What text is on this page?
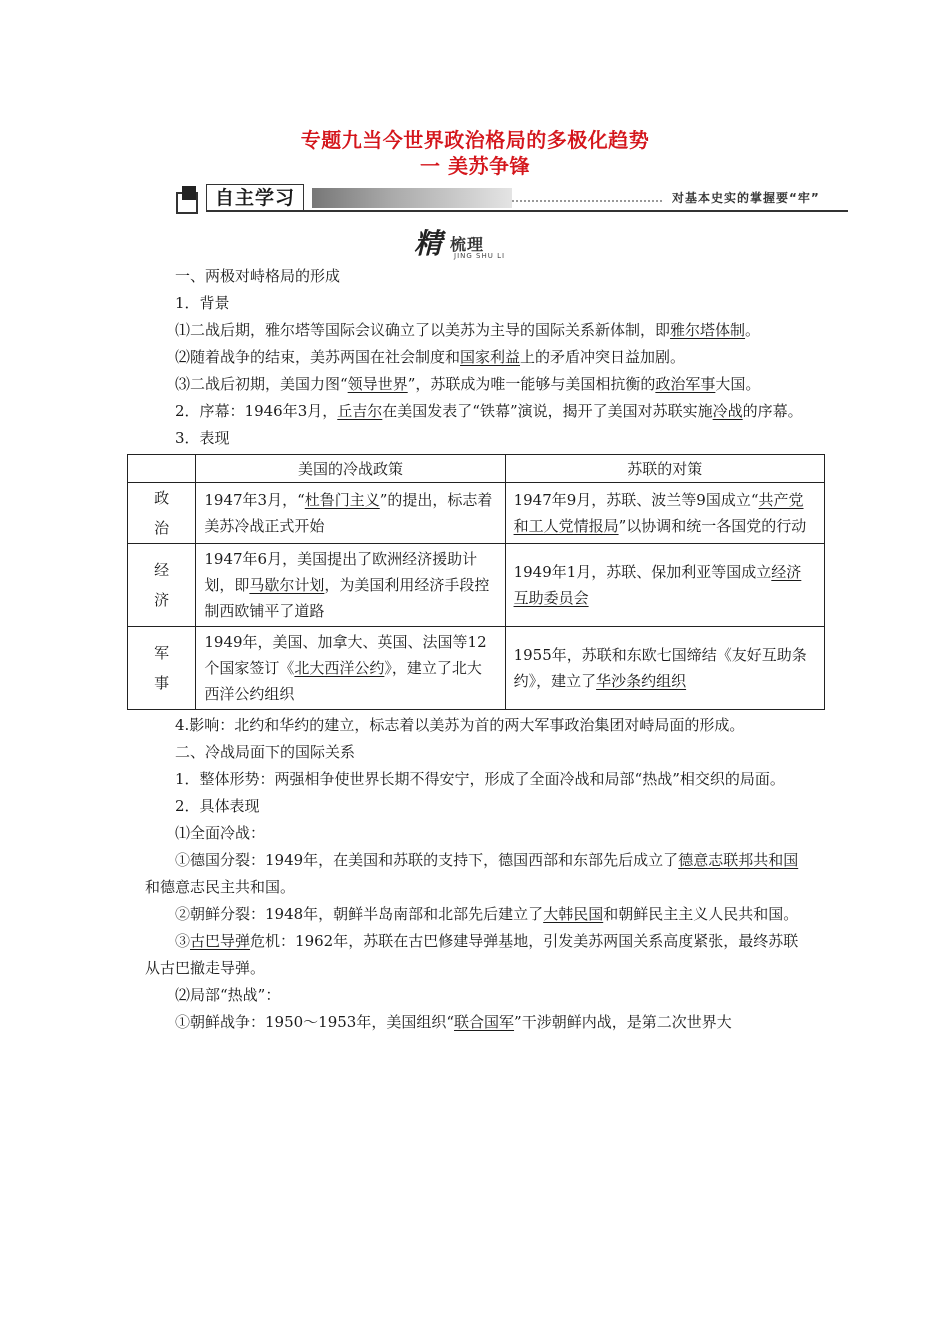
专题九当今世界政治格局的多极化趋势
一 美苏争锋
自主学习	对基本史实的掌握要“牢”
精 梳理
JING SHU LI

一、两极对峙格局的形成

1．背景

⑴二战后期，雅尔塔等国际会议确立了以美苏为主导的国际关系新体制，即雅尔塔体制。

⑵随着战争的结束，美苏两国在社会制度和国家利益上的矛盾冲突日益加剧。

⑶二战后初期，美国力图“领导世界”，苏联成为唯一能够与美国相抗衡的政治军事大国。

2．序幕：1946年3月，丘吉尔在美国发表了“铁幕”演说，揭开了美国对苏联实施冷战的序幕。

3．表现

	美国的冷战政策	苏联的对策
政
治	1947年3月，“杜鲁门主义”的提出，标志着美苏冷战正式开始	1947年9月，苏联、波兰等9国成立“共产党和工人党情报局”以协调和统一各国党的行动
经
济	1947年6月，美国提出了欧洲经济援助计划，即马歇尔计划，为美国利用经济手段控制西欧铺平了道路	1949年1月，苏联、保加利亚等国成立经济互助委员会
军
事	1949年，美国、加拿大、英国、法国等12个国家签订《北大西洋公约》，建立了北大西洋公约组织	1955年，苏联和东欧七国缔结《友好互助条约》，建立了华沙条约组织

4.影响：北约和华约的建立，标志着以美苏为首的两大军事政治集团对峙局面的形成。

二、冷战局面下的国际关系

1．整体形势：两强相争使世界长期不得安宁，形成了全面冷战和局部“热战”相交织的局面。

2．具体表现

⑴全面冷战：

①德国分裂：1949年，在美国和苏联的支持下，德国西部和东部先后成立了德意志联邦共和国和德意志民主共和国。

②朝鲜分裂：1948年，朝鲜半岛南部和北部先后建立了大韩民国和朝鲜民主主义人民共和国。

③古巴导弹危机：1962年，苏联在古巴修建导弹基地，引发美苏两国关系高度紧张，最终苏联从古巴撤走导弹。

⑵局部“热战”：

①朝鲜战争：1950～1953年，美国组织“联合国军”干涉朝鲜内战，是第二次世界大
